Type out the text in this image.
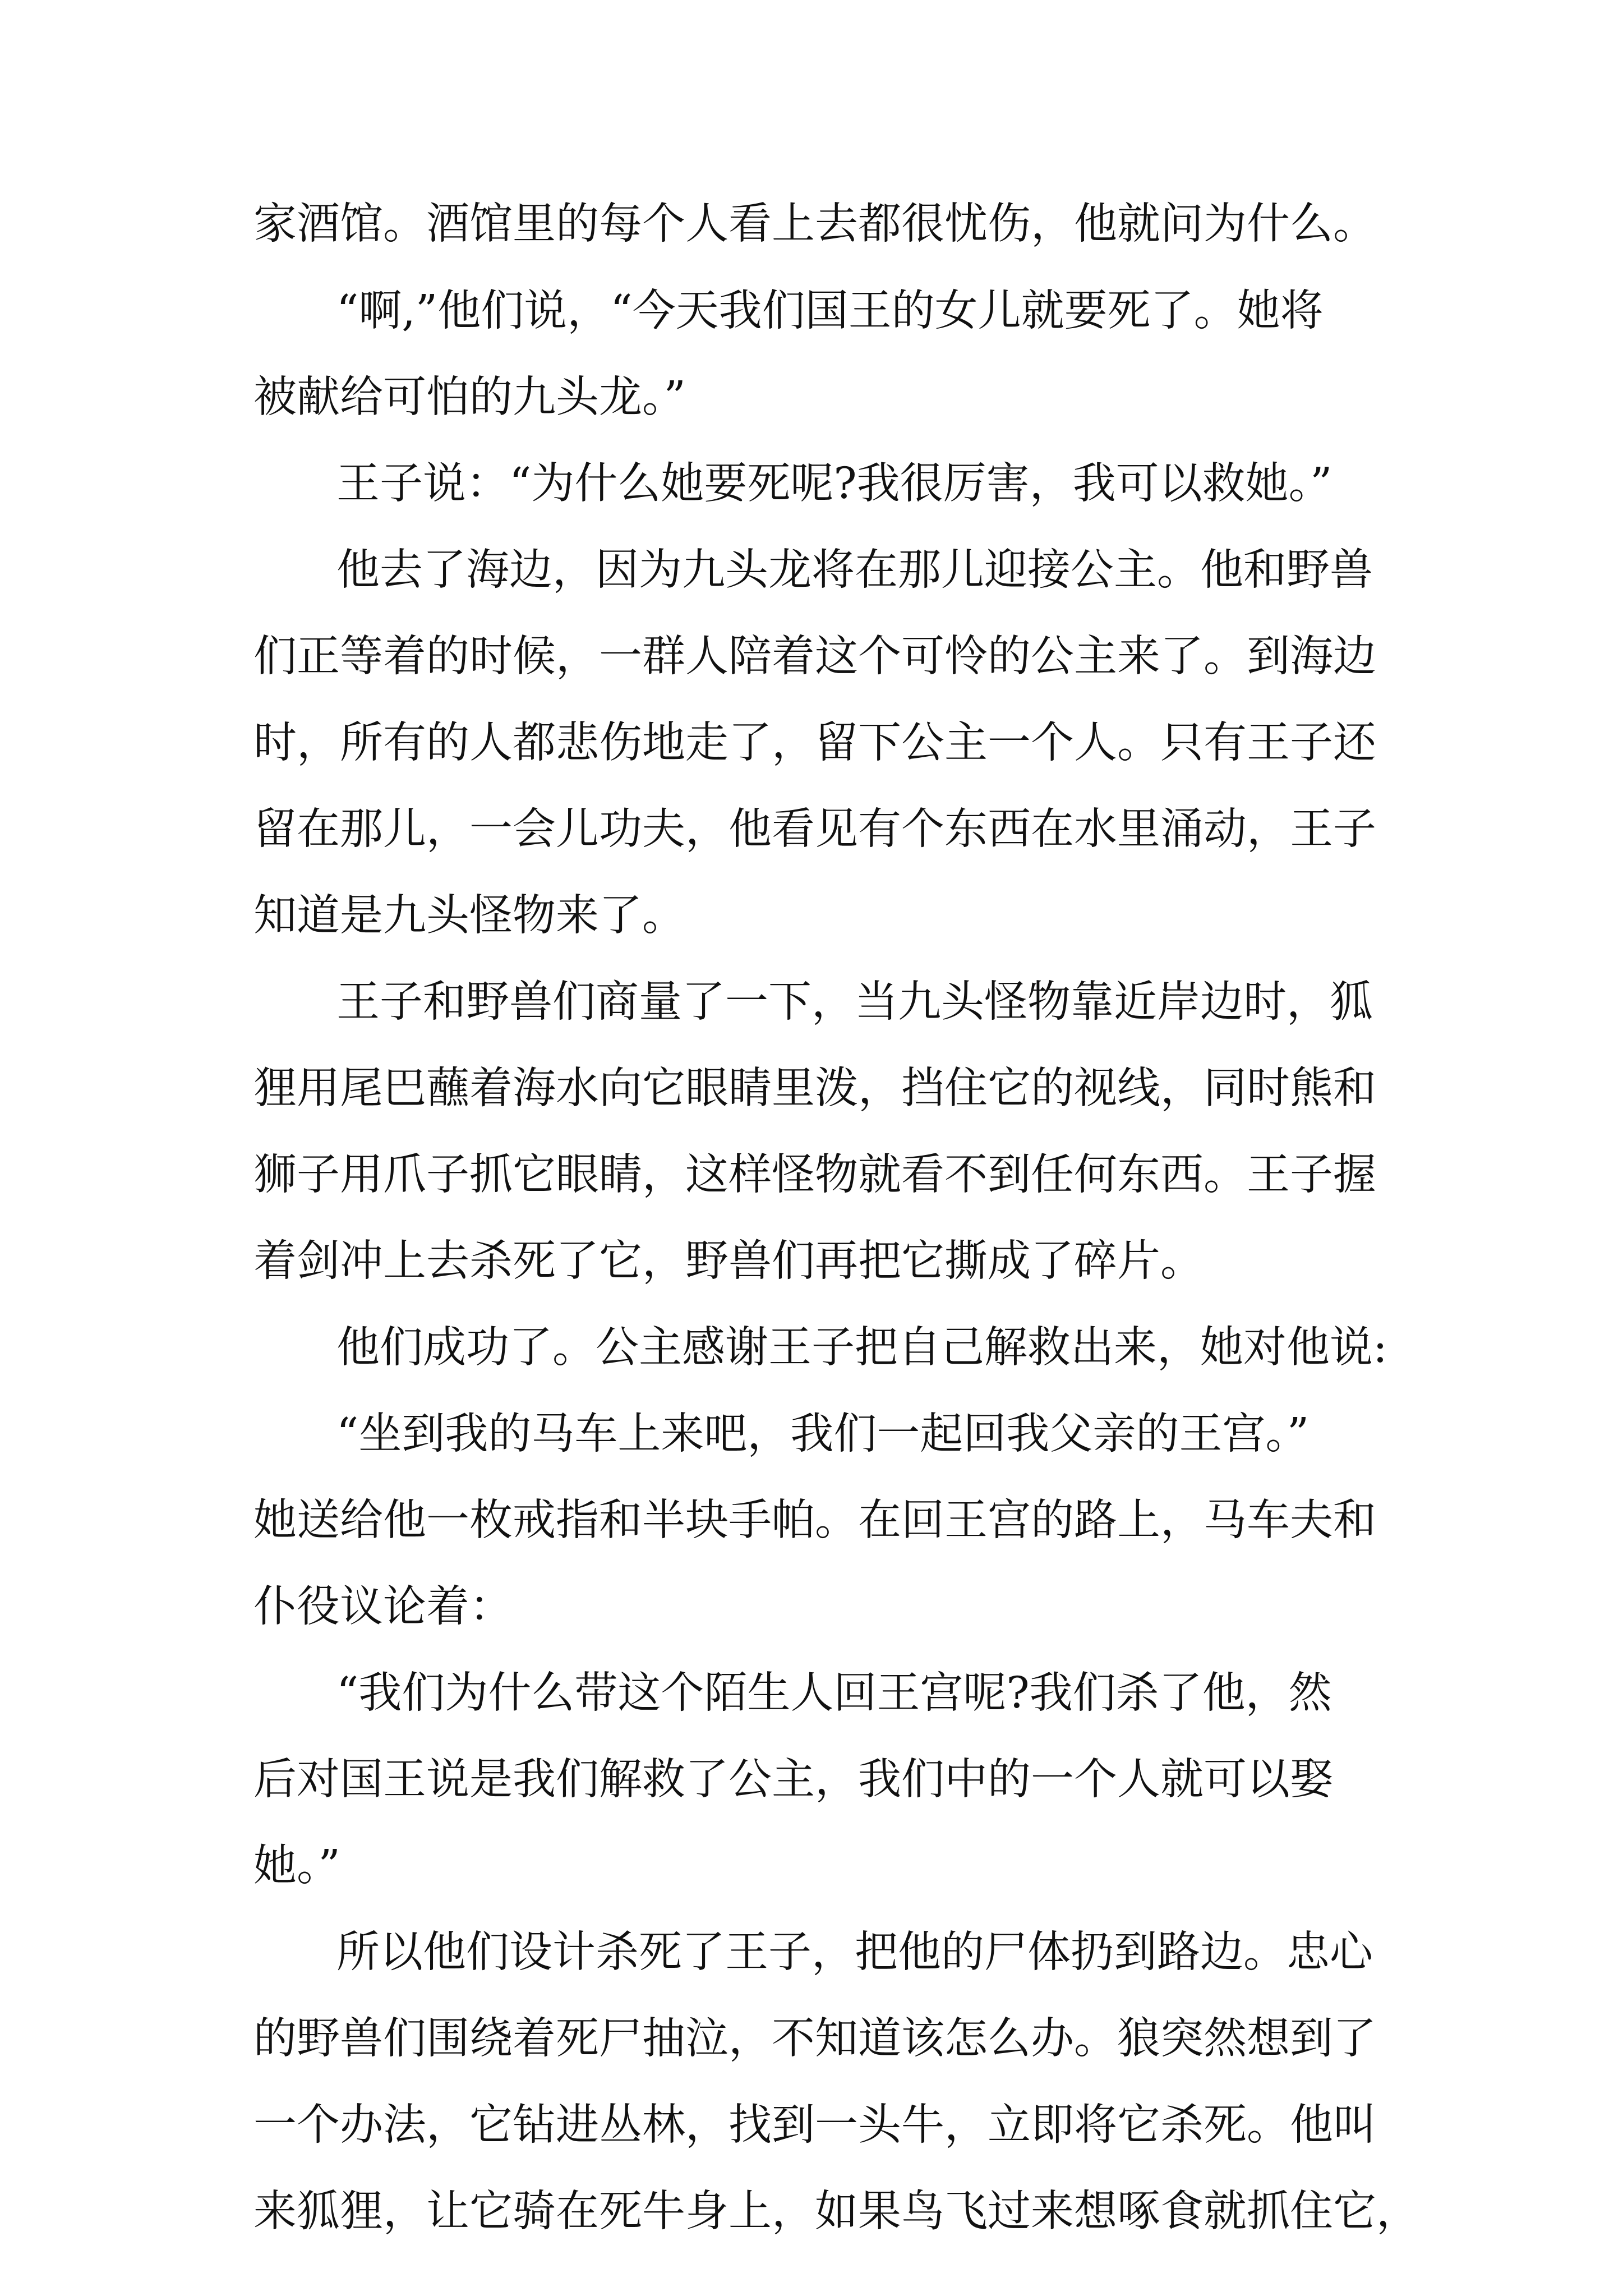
家酒馆。酒馆里的每个人看上去都很忧伤，他就问为什么。
“啊,”他们说，“今天我们国王的女儿就要死了。她将
被献给可怕的九头龙。”
王子说：“为什么她要死呢?我很厉害，我可以救她。”
他去了海边，因为九头龙将在那儿迎接公主。他和野兽
们正等着的时候，一群人陪着这个可怜的公主来了。到海边
时，所有的人都悲伤地走了，留下公主一个人。只有王子还
留在那儿，一会儿功夫，他看见有个东西在水里涌动，王子
知道是九头怪物来了。
王子和野兽们商量了一下，当九头怪物靠近岸边时，狐
狸用尾巴蘸着海水向它眼睛里泼，挡住它的视线，同时熊和
狮子用爪子抓它眼睛，这样怪物就看不到任何东西。王子握
着剑冲上去杀死了它，野兽们再把它撕成了碎片。
他们成功了。公主感谢王子把自己解救出来，她对他说:
“坐到我的马车上来吧，我们一起回我父亲的王宫。”
她送给他一枚戒指和半块手帕。在回王宫的路上，马车夫和
仆役议论着：
“我们为什么带这个陌生人回王宫呢?我们杀了他，然
后对国王说是我们解救了公主，我们中的一个人就可以娶
她。”
所以他们设计杀死了王子，把他的尸体扔到路边。忠心
的野兽们围绕着死尸抽泣，不知道该怎么办。狼突然想到了
一个办法，它钻进丛林，找到一头牛，立即将它杀死。他叫
来狐狸，让它骑在死牛身上，如果鸟飞过来想啄食就抓住它，
